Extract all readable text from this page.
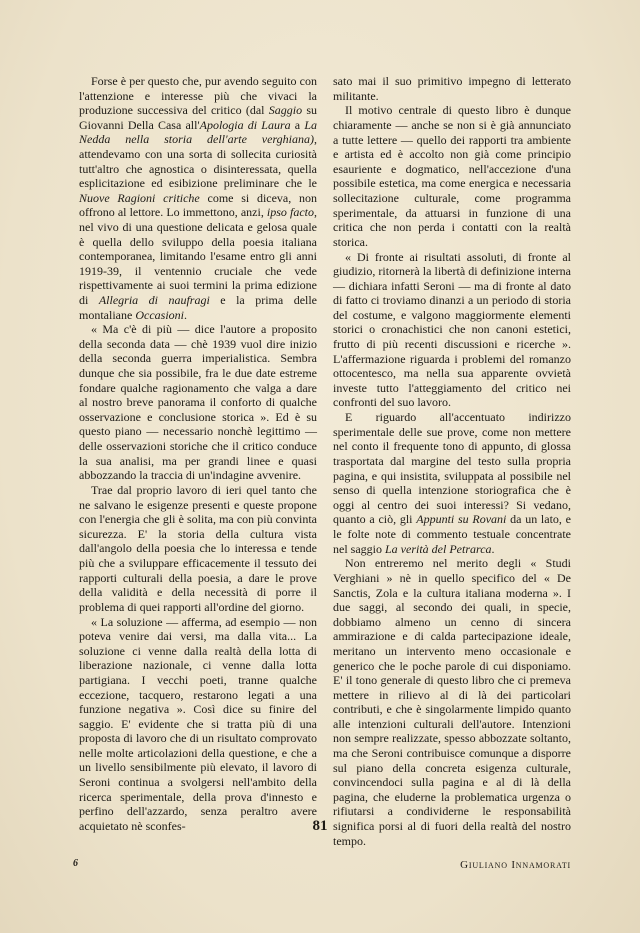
Forse è per questo che, pur avendo seguito con l'attenzione e interesse più che vivaci la produzione successiva del critico (dal Saggio su Giovanni Della Casa all'Apologia di Laura a La Nedda nella storia dell'arte verghiana), attendevamo con una sorta di sollecita curiosità tutt'altro che agnostica o disinteressata, quella esplicitazione ed esibizione preliminare che le Nuove Ragioni critiche come si diceva, non offrono al lettore. Lo immettono, anzi, ipso facto, nel vivo di una questione delicata e gelosa quale è quella dello sviluppo della poesia italiana contemporanea, limitando l'esame entro gli anni 1919-39, il ventennio cruciale che vede rispettivamente ai suoi termini la prima edizione di Allegria di naufragi e la prima delle montaliane Occasioni.

« Ma c'è di più — dice l'autore a proposito della seconda data — chè 1939 vuol dire inizio della seconda guerra imperialistica. Sembra dunque che sia possibile, fra le due date estreme fondare qualche ragionamento che valga a dare al nostro breve panorama il conforto di qualche osservazione e conclusione storica ». Ed è su questo piano — necessario nonchè legittimo — delle osservazioni storiche che il critico conduce la sua analisi, ma per grandi linee e quasi abbozzando la traccia di un'indagine avvenire.

Trae dal proprio lavoro di ieri quel tanto che ne salvano le esigenze presenti e queste propone con l'energia che gli è solita, ma con più convinta sicurezza. E' la storia della cultura vista dall'angolo della poesia che lo interessa e tende più che a sviluppare efficacemente il tessuto dei rapporti culturali della poesia, a dare le prove della validità e della necessità di porre il problema di quei rapporti all'ordine del giorno.

« La soluzione — afferma, ad esempio — non poteva venire dai versi, ma dalla vita... La soluzione ci venne dalla realtà della lotta di liberazione nazionale, ci venne dalla lotta partigiana. I vecchi poeti, tranne qualche eccezione, tacquero, restarono legati a una funzione negativa ». Così dice su finire del saggio. E' evidente che si tratta più di una proposta di lavoro che di un risultato comprovato nelle molte articolazioni della questione, e che a un livello sensibilmente più elevato, il lavoro di Seroni continua a svolgersi nell'ambito della ricerca sperimentale, della prova d'innesto e perfino dell'azzardo, senza peraltro avere acquietato nè sconfes-

sato mai il suo primitivo impegno di letterato militante.

Il motivo centrale di questo libro è dunque chiaramente — anche se non si è già annunciato a tutte lettere — quello dei rapporti tra ambiente e artista ed è accolto non già come principio esauriente e dogmatico, nell'accezione d'una possibile estetica, ma come energica e necessaria sollecitazione culturale, come programma sperimentale, da attuarsi in funzione di una critica che non perda i contatti con la realtà storica.

« Di fronte ai risultati assoluti, di fronte al giudizio, ritornerà la libertà di definizione interna — dichiara infatti Seroni — ma di fronte al dato di fatto ci troviamo dinanzi a un periodo di storia del costume, e valgono maggiormente elementi storici o cronachistici che non canoni estetici, frutto di più recenti discussioni e ricerche ». L'affermazione riguarda i problemi del romanzo ottocentesco, ma nella sua apparente ovvietà investe tutto l'atteggiamento del critico nei confronti del suo lavoro.

E riguardo all'accentuato indirizzo sperimentale delle sue prove, come non mettere nel conto il frequente tono di appunto, di glossa trasportata dal margine del testo sulla propria pagina, e qui insistita, sviluppata al possibile nel senso di quella intenzione storiografica che è oggi al centro dei suoi interessi? Si vedano, quanto a ciò, gli Appunti su Rovani da un lato, e le folte note di commento testuale concentrate nel saggio La verità del Petrarca.

Non entreremo nel merito degli « Studi Verghiani » nè in quello specifico del « De Sanctis, Zola e la cultura italiana moderna ». I due saggi, al secondo dei quali, in specie, dobbiamo almeno un cenno di sincera ammirazione e di calda partecipazione ideale, meritano un intervento meno occasionale e generico che le poche parole di cui disponiamo. E' il tono generale di questo libro che ci premeva mettere in rilievo al di là dei particolari contributi, e che è singolarmente limpido quanto alle intenzioni culturali dell'autore. Intenzioni non sempre realizzate, spesso abbozzate soltanto, ma che Seroni contribuisce comunque a disporre sul piano della concreta esigenza culturale, convincendoci sulla pagina e al di là della pagina, che eluderne la problematica urgenza o rifiutarsi a condividerne le responsabilità significa porsi al di fuori della realtà del nostro tempo.

Giuliano Innamorati

81
6
